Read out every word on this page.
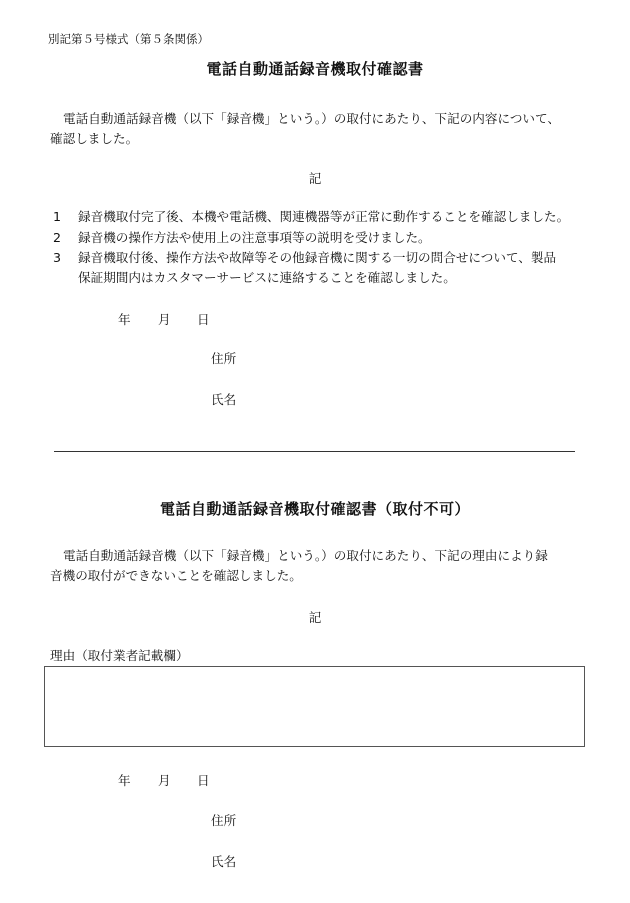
別記第５号様式（第５条関係）
電話自動通話録音機取付確認書
電話自動通話録音機（以下「録音機」という。）の取付にあたり、下記の内容について、
確認しました。
記
1 録音機取付完了後、本機や電話機、関連機器等が正常に動作することを確認しました。
2 録音機の操作方法や使用上の注意事項等の説明を受けました。
3 録音機取付後、操作方法や故障等その他録音機に関する一切の問合せについて、製品
保証期間内はカスタマーサービスに連絡することを確認しました。
年 月 日
住所
氏名
電話自動通話録音機取付確認書（取付不可）
電話自動通話録音機（以下「録音機」という。）の取付にあたり、下記の理由により録
音機の取付ができないことを確認しました。
記
理由（取付業者記載欄）
年 月 日
住所
氏名
